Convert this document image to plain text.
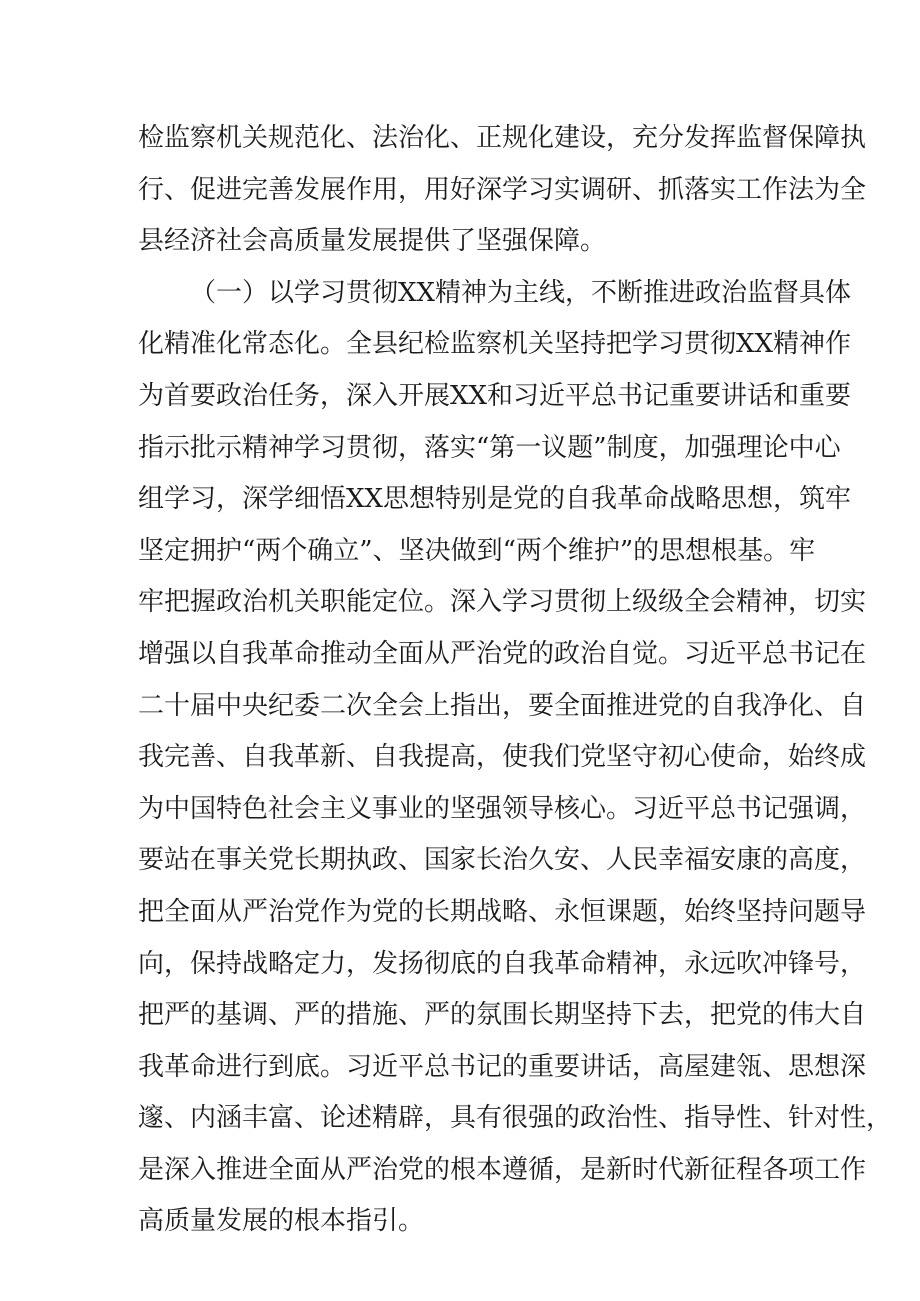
检监察机关规范化、法治化、正规化建设，充分发挥监督保障执
行、促进完善发展作用，用好深学习实调研、抓落实工作法为全
县经济社会高质量发展提供了坚强保障。
（一）以学习贯彻XX精神为主线，不断推进政治监督具体
化精准化常态化。全县纪检监察机关坚持把学习贯彻XX精神作
为首要政治任务，深入开展XX和习近平总书记重要讲话和重要
指示批示精神学习贯彻，落实“第一议题”制度，加强理论中心
组学习，深学细悟XX思想特别是党的自我革命战略思想，筑牢
坚定拥护“两个确立”、坚决做到“两个维护”的思想根基。牢
牢把握政治机关职能定位。深入学习贯彻上级级全会精神，切实
增强以自我革命推动全面从严治党的政治自觉。习近平总书记在
二十届中央纪委二次全会上指出，要全面推进党的自我净化、自
我完善、自我革新、自我提高，使我们党坚守初心使命，始终成
为中国特色社会主义事业的坚强领导核心。习近平总书记强调，
要站在事关党长期执政、国家长治久安、人民幸福安康的高度，
把全面从严治党作为党的长期战略、永恒课题，始终坚持问题导
向，保持战略定力，发扬彻底的自我革命精神，永远吹冲锋号，
把严的基调、严的措施、严的氛围长期坚持下去，把党的伟大自
我革命进行到底。习近平总书记的重要讲话，高屋建瓴、思想深
邃、内涵丰富、论述精辟，具有很强的政治性、指导性、针对性，
是深入推进全面从严治党的根本遵循，是新时代新征程各项工作
高质量发展的根本指引。
